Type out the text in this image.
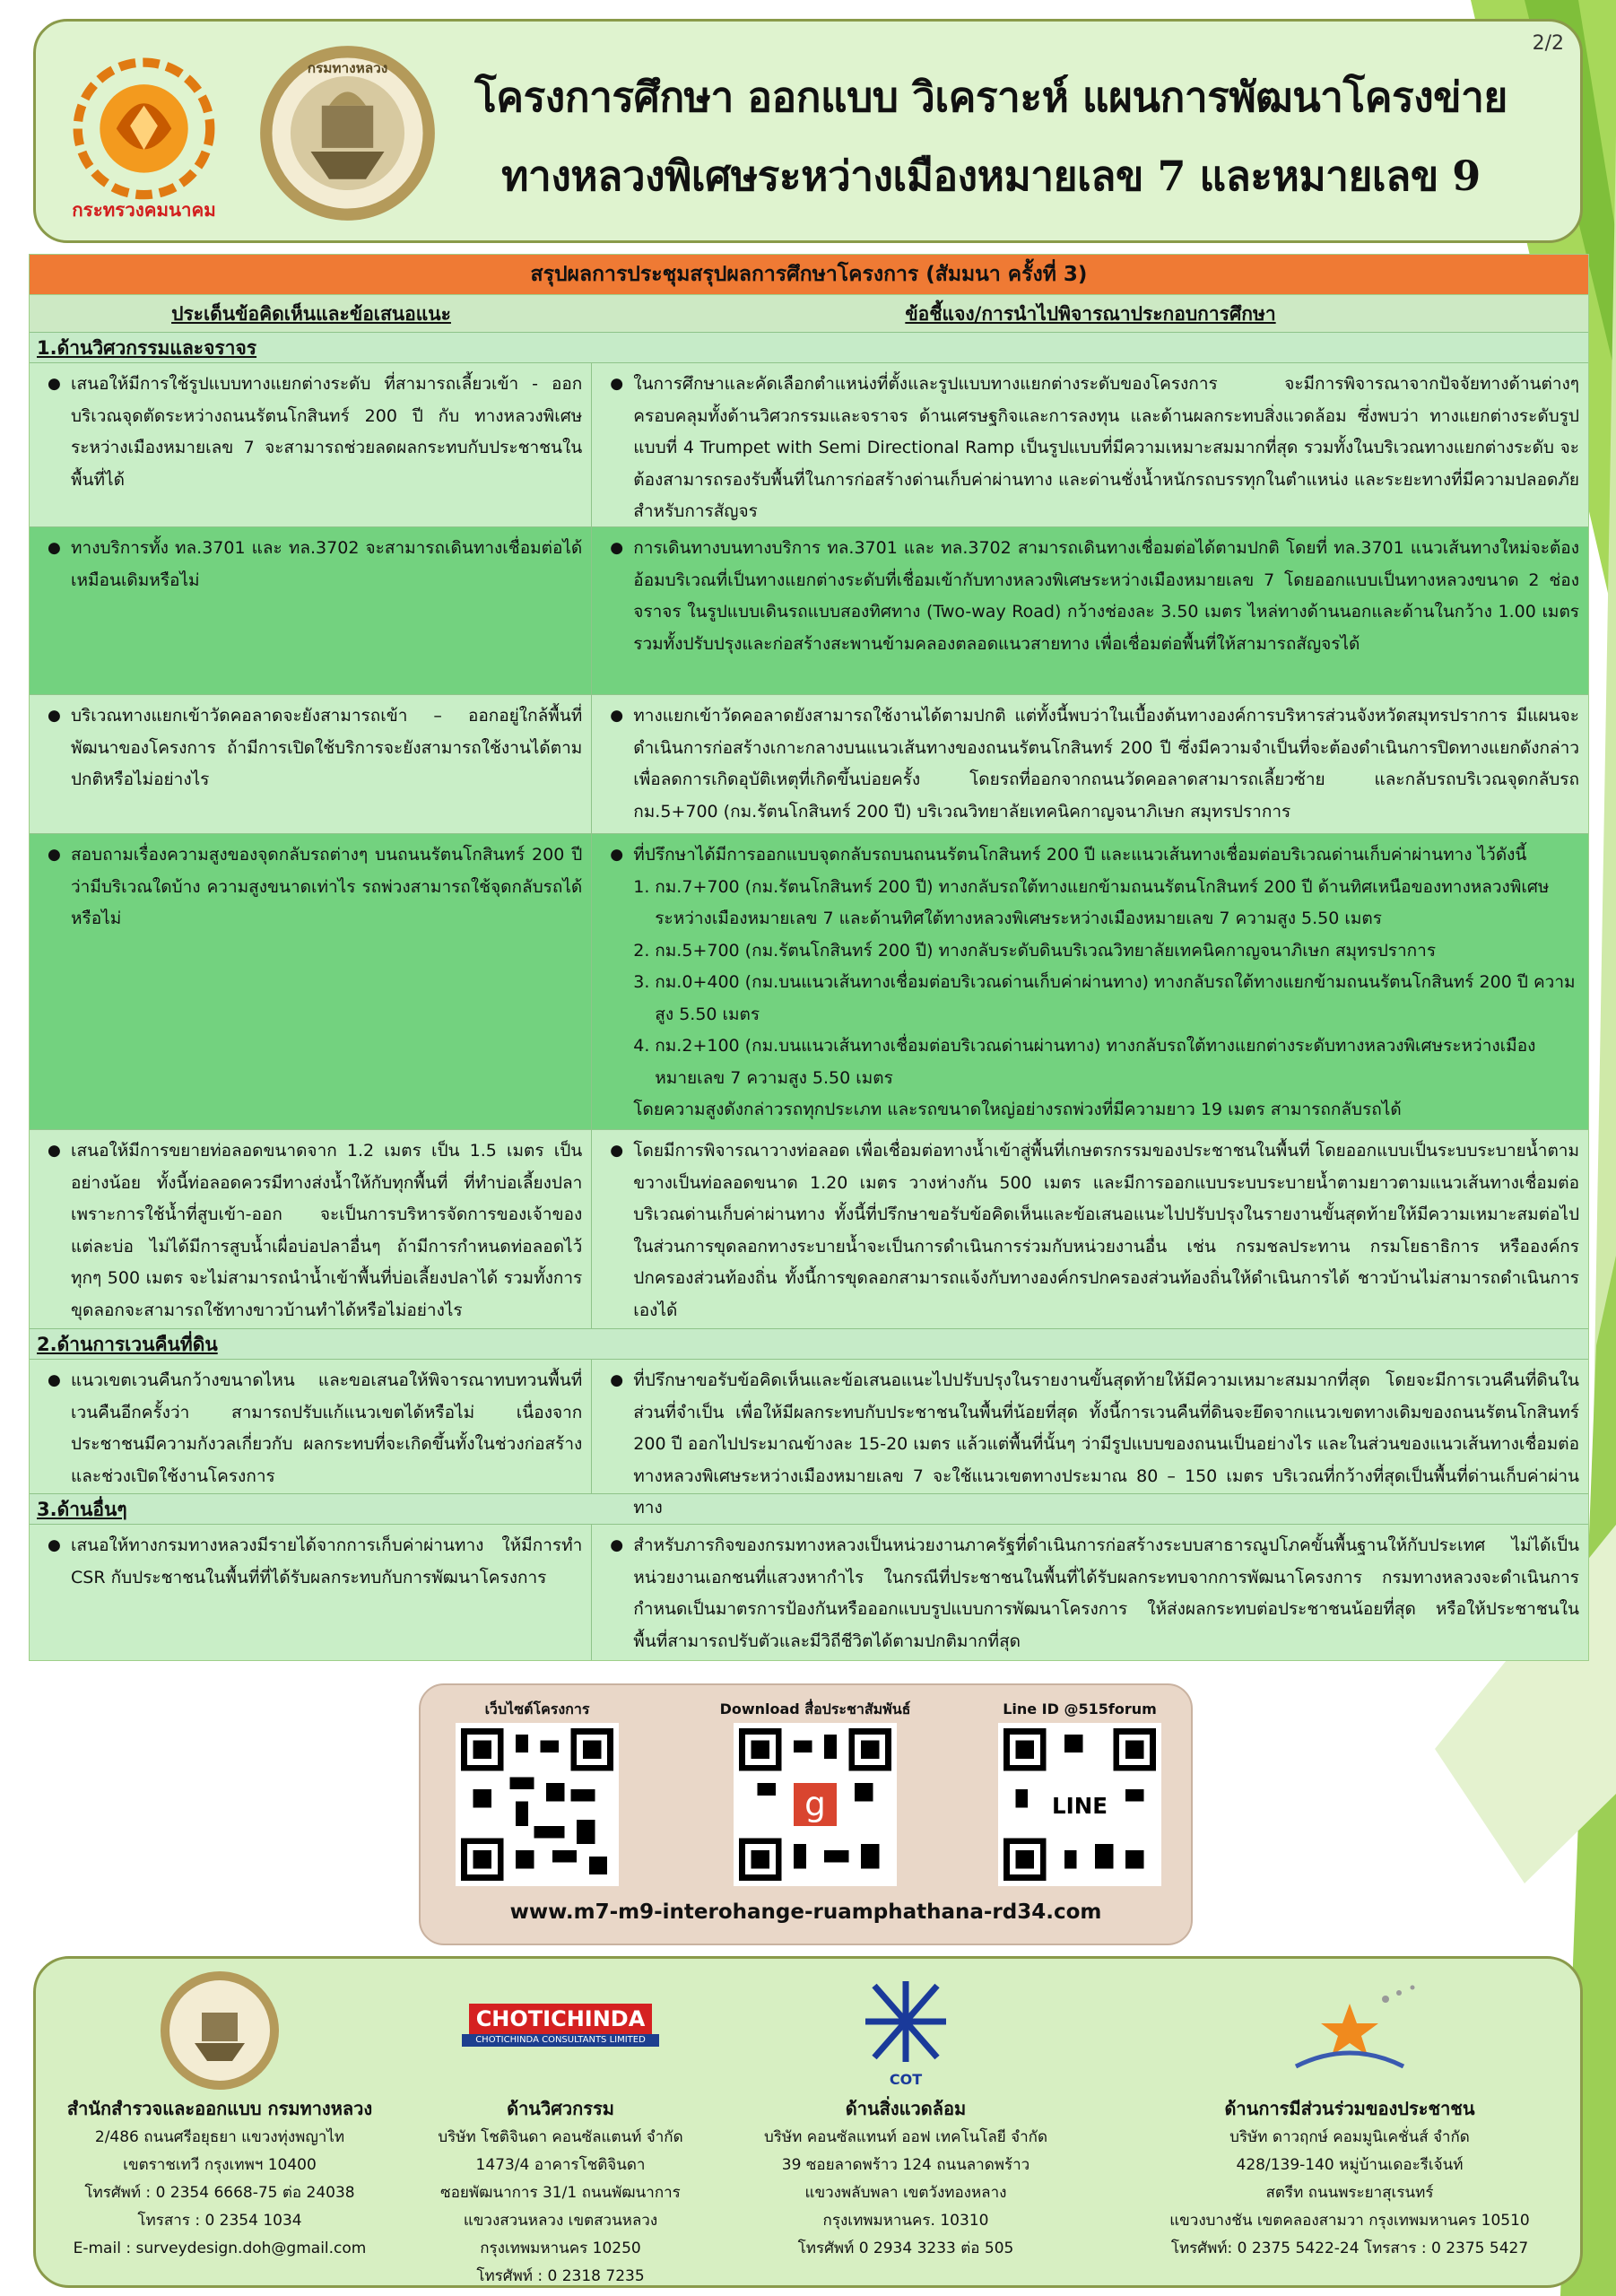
2/2
กระทรวงคมนาคม
กรมทางหลวง
โครงการศึกษา ออกแบบ วิเคราะห์ แผนการพัฒนาโครงข่าย
ทางหลวงพิเศษระหว่างเมืองหมายเลข 7 และหมายเลข 9
สรุปผลการประชุมสรุปผลการศึกษาโครงการ (สัมมนา ครั้งที่ 3)
ประเด็นข้อคิดเห็นและข้อเสนอแนะ	ข้อชี้แจง/การนำไปพิจารณาประกอบการศึกษา
1.ด้านวิศวกรรมและจราจร
● เสนอให้มีการใช้รูปแบบทางแยกต่างระดับ ที่สามารถเลี้ยวเข้า - ออก บริเวณจุดตัดระหว่างถนนรัตนโกสินทร์ 200 ปี กับ ทางหลวงพิเศษระหว่างเมืองหมายเลข 7 จะสามารถช่วยลดผลกระทบกับประชาชนในพื้นที่ได้
● ในการศึกษาและคัดเลือกตำแหน่งที่ตั้งและรูปแบบทางแยกต่างระดับของโครงการ จะมีการพิจารณาจากปัจจัยทางด้านต่างๆ ครอบคลุมทั้งด้านวิศวกรรมและจราจร ด้านเศรษฐกิจและการลงทุน และด้านผลกระทบสิ่งแวดล้อม ซึ่งพบว่า ทางแยกต่างระดับรูปแบบที่ 4 Trumpet with Semi Directional Ramp เป็นรูปแบบที่มีความเหมาะสมมากที่สุด รวมทั้งในบริเวณทางแยกต่างระดับ จะต้องสามารถรองรับพื้นที่ในการก่อสร้างด่านเก็บค่าผ่านทาง และด่านชั่งน้ำหนักรถบรรทุกในตำแหน่ง และระยะทางที่มีความปลอดภัยสำหรับการสัญจร
● ทางบริการทั้ง ทล.3701 และ ทล.3702 จะสามารถเดินทางเชื่อมต่อได้เหมือนเดิมหรือไม่
● การเดินทางบนทางบริการ ทล.3701 และ ทล.3702 สามารถเดินทางเชื่อมต่อได้ตามปกติ โดยที่ ทล.3701 แนวเส้นทางใหม่จะต้องอ้อมบริเวณที่เป็นทางแยกต่างระดับที่เชื่อมเข้ากับทางหลวงพิเศษระหว่างเมืองหมายเลข 7 โดยออกแบบเป็นทางหลวงขนาด 2 ช่องจราจร ในรูปแบบเดินรถแบบสองทิศทาง (Two-way Road) กว้างช่องละ 3.50 เมตร ไหล่ทางด้านนอกและด้านในกว้าง 1.00 เมตร รวมทั้งปรับปรุงและก่อสร้างสะพานข้ามคลองตลอดแนวสายทาง เพื่อเชื่อมต่อพื้นที่ให้สามารถสัญจรได้
● บริเวณทางแยกเข้าวัดคอลาดจะยังสามารถเข้า – ออกอยู่ใกล้พื้นที่พัฒนาของโครงการ ถ้ามีการเปิดใช้บริการจะยังสามารถใช้งานได้ตามปกติหรือไม่อย่างไร
● ทางแยกเข้าวัดคอลาดยังสามารถใช้งานได้ตามปกติ แต่ทั้งนี้พบว่าในเบื้องต้นทางองค์การบริหารส่วนจังหวัดสมุทรปราการ มีแผนจะดำเนินการก่อสร้างเกาะกลางบนแนวเส้นทางของถนนรัตนโกสินทร์ 200 ปี ซึ่งมีความจำเป็นที่จะต้องดำเนินการปิดทางแยกดังกล่าว เพื่อลดการเกิดอุบัติเหตุที่เกิดขึ้นบ่อยครั้ง โดยรถที่ออกจากถนนวัดคอลาดสามารถเลี้ยวซ้าย และกลับรถบริเวณจุดกลับรถ กม.5+700 (กม.รัตนโกสินทร์ 200 ปี) บริเวณวิทยาลัยเทคนิคกาญจนาภิเษก สมุทรปราการ
● สอบถามเรื่องความสูงของจุดกลับรถต่างๆ บนถนนรัตนโกสินทร์ 200 ปี ว่ามีบริเวณใดบ้าง ความสูงขนาดเท่าไร รถพ่วงสามารถใช้จุดกลับรถได้หรือไม่
● ที่ปรึกษาได้มีการออกแบบจุดกลับรถบนถนนรัตนโกสินทร์ 200 ปี และแนวเส้นทางเชื่อมต่อบริเวณด่านเก็บค่าผ่านทาง ไว้ดังนี้
1. กม.7+700 (กม.รัตนโกสินทร์ 200 ปี) ทางกลับรถใต้ทางแยกข้ามถนนรัตนโกสินทร์ 200 ปี ด้านทิศเหนือของทางหลวงพิเศษระหว่างเมืองหมายเลข 7 และด้านทิศใต้ทางหลวงพิเศษระหว่างเมืองหมายเลข 7 ความสูง 5.50 เมตร
2. กม.5+700 (กม.รัตนโกสินทร์ 200 ปี) ทางกลับระดับดินบริเวณวิทยาลัยเทคนิคกาญจนาภิเษก สมุทรปราการ
3. กม.0+400 (กม.บนแนวเส้นทางเชื่อมต่อบริเวณด่านเก็บค่าผ่านทาง) ทางกลับรถใต้ทางแยกข้ามถนนรัตนโกสินทร์ 200 ปี ความสูง 5.50 เมตร
4. กม.2+100 (กม.บนแนวเส้นทางเชื่อมต่อบริเวณด่านผ่านทาง) ทางกลับรถใต้ทางแยกต่างระดับทางหลวงพิเศษระหว่างเมืองหมายเลข 7 ความสูง 5.50 เมตร
โดยความสูงดังกล่าวรถทุกประเภท และรถขนาดใหญ่อย่างรถพ่วงที่มีความยาว 19 เมตร สามารถกลับรถได้
● เสนอให้มีการขยายท่อลอดขนาดจาก 1.2 เมตร เป็น 1.5 เมตร เป็นอย่างน้อย ทั้งนี้ท่อลอดควรมีทางส่งน้ำให้กับทุกพื้นที่ ที่ทำบ่อเลี้ยงปลา เพราะการใช้น้ำที่สูบเข้า-ออก จะเป็นการบริหารจัดการของเจ้าของแต่ละบ่อ ไม่ได้มีการสูบน้ำเผื่อบ่อปลาอื่นๆ ถ้ามีการกำหนดท่อลอดไว้ทุกๆ 500 เมตร จะไม่สามารถนำน้ำเข้าพื้นที่บ่อเลี้ยงปลาได้ รวมทั้งการขุดลอกจะสามารถใช้ทางขาวบ้านทำได้หรือไม่อย่างไร
● โดยมีการพิจารณาวางท่อลอด เพื่อเชื่อมต่อทางน้ำเข้าสู่พื้นที่เกษตรกรรมของประชาชนในพื้นที่ โดยออกแบบเป็นระบบระบายน้ำตามขวางเป็นท่อลอดขนาด 1.20 เมตร วางห่างกัน 500 เมตร และมีการออกแบบระบบระบายน้ำตามยาวตามแนวเส้นทางเชื่อมต่อบริเวณด่านเก็บค่าผ่านทาง ทั้งนี้ที่ปรึกษาขอรับข้อคิดเห็นและข้อเสนอแนะไปปรับปรุงในรายงานขั้นสุดท้ายให้มีความเหมาะสมต่อไป ในส่วนการขุดลอกทางระบายน้ำจะเป็นการดำเนินการร่วมกับหน่วยงานอื่น เช่น กรมชลประทาน กรมโยธาธิการ หรือองค์กรปกครองส่วนท้องถิ่น ทั้งนี้การขุดลอกสามารถแจ้งกับทางองค์กรปกครองส่วนท้องถิ่นให้ดำเนินการได้ ชาวบ้านไม่สามารถดำเนินการเองได้
2.ด้านการเวนคืนที่ดิน
● แนวเขตเวนคืนกว้างขนาดไหน และขอเสนอให้พิจารณาทบทวนพื้นที่เวนคืนอีกครั้งว่า สามารถปรับแก้แนวเขตได้หรือไม่ เนื่องจากประชาชนมีความกังวลเกี่ยวกับ ผลกระทบที่จะเกิดขึ้นทั้งในช่วงก่อสร้างและช่วงเปิดใช้งานโครงการ
● ที่ปรึกษาขอรับข้อคิดเห็นและข้อเสนอแนะไปปรับปรุงในรายงานขั้นสุดท้ายให้มีความเหมาะสมมากที่สุด โดยจะมีการเวนคืนที่ดินในส่วนที่จำเป็น เพื่อให้มีผลกระทบกับประชาชนในพื้นที่น้อยที่สุด ทั้งนี้การเวนคืนที่ดินจะยึดจากแนวเขตทางเดิมของถนนรัตนโกสินทร์ 200 ปี ออกไปประมาณข้างละ 15-20 เมตร แล้วแต่พื้นที่นั้นๆ ว่ามีรูปแบบของถนนเป็นอย่างไร และในส่วนของแนวเส้นทางเชื่อมต่อทางหลวงพิเศษระหว่างเมืองหมายเลข 7 จะใช้แนวเขตทางประมาณ 80 – 150 เมตร บริเวณที่กว้างที่สุดเป็นพื้นที่ด่านเก็บค่าผ่านทาง
3.ด้านอื่นๆ
● เสนอให้ทางกรมทางหลวงมีรายได้จากการเก็บค่าผ่านทาง ให้มีการทำ CSR กับประชาชนในพื้นที่ที่ได้รับผลกระทบกับการพัฒนาโครงการ
● สำหรับภารกิจของกรมทางหลวงเป็นหน่วยงานภาครัฐที่ดำเนินการก่อสร้างระบบสาธารณูปโภคขั้นพื้นฐานให้กับประเทศ ไม่ได้เป็นหน่วยงานเอกชนที่แสวงหากำไร ในกรณีที่ประชาชนในพื้นที่ได้รับผลกระทบจากการพัฒนาโครงการ กรมทางหลวงจะดำเนินการกำหนดเป็นมาตรการป้องกันหรือออกแบบรูปแบบการพัฒนาโครงการ ให้ส่งผลกระทบต่อประชาชนน้อยที่สุด หรือให้ประชาชนในพื้นที่สามารถปรับตัวและมีวิถีชีวิตได้ตามปกติมากที่สุด
เว็บไซต์โครงการ	Download สื่อประชาสัมพันธ์
g
Line ID @515forum
LINE
www.m7-m9-interohange-ruamphathana-rd34.com
สำนักสำรวจและออกแบบ กรมทางหลวง
2/486 ถนนศรีอยุธยา แขวงทุ่งพญาไท
เขตราชเทวี กรุงเทพฯ 10400
โทรศัพท์ : 0 2354 6668-75 ต่อ 24038
โทรสาร : 0 2354 1034
E-mail : surveydesign.doh@gmail.com
CHOTICHINDA
CHOTICHINDA CONSULTANTS LIMITED
ด้านวิศวกรรม
บริษัท โชติจินดา คอนซัลแตนท์ จำกัด
1473/4 อาคารโชติจินดา
ซอยพัฒนาการ 31/1 ถนนพัฒนาการ
แขวงสวนหลวง เขตสวนหลวง
กรุงเทพมหานคร 10250
โทรศัพท์ : 0 2318 7235
COT
ด้านสิ่งแวดล้อม
บริษัท คอนซัลแทนท์ ออฟ เทคโนโลยี จำกัด
39 ซอยลาดพร้าว 124 ถนนลาดพร้าว
แขวงพลับพลา เขตวังทองหลาง
กรุงเทพมหานคร. 10310
โทรศัพท์ 0 2934 3233 ต่อ 505
ด้านการมีส่วนร่วมของประชาชน
บริษัท ดาวฤกษ์ คอมมูนิเคชั่นส์ จำกัด
428/139-140 หมู่บ้านเดอะรีเจ้นท์
สตรีท ถนนพระยาสุเรนทร์
แขวงบางชัน เขตคลองสามวา กรุงเทพมหานคร 10510
โทรศัพท์: 0 2375 5422-24 โทรสาร : 0 2375 5427
